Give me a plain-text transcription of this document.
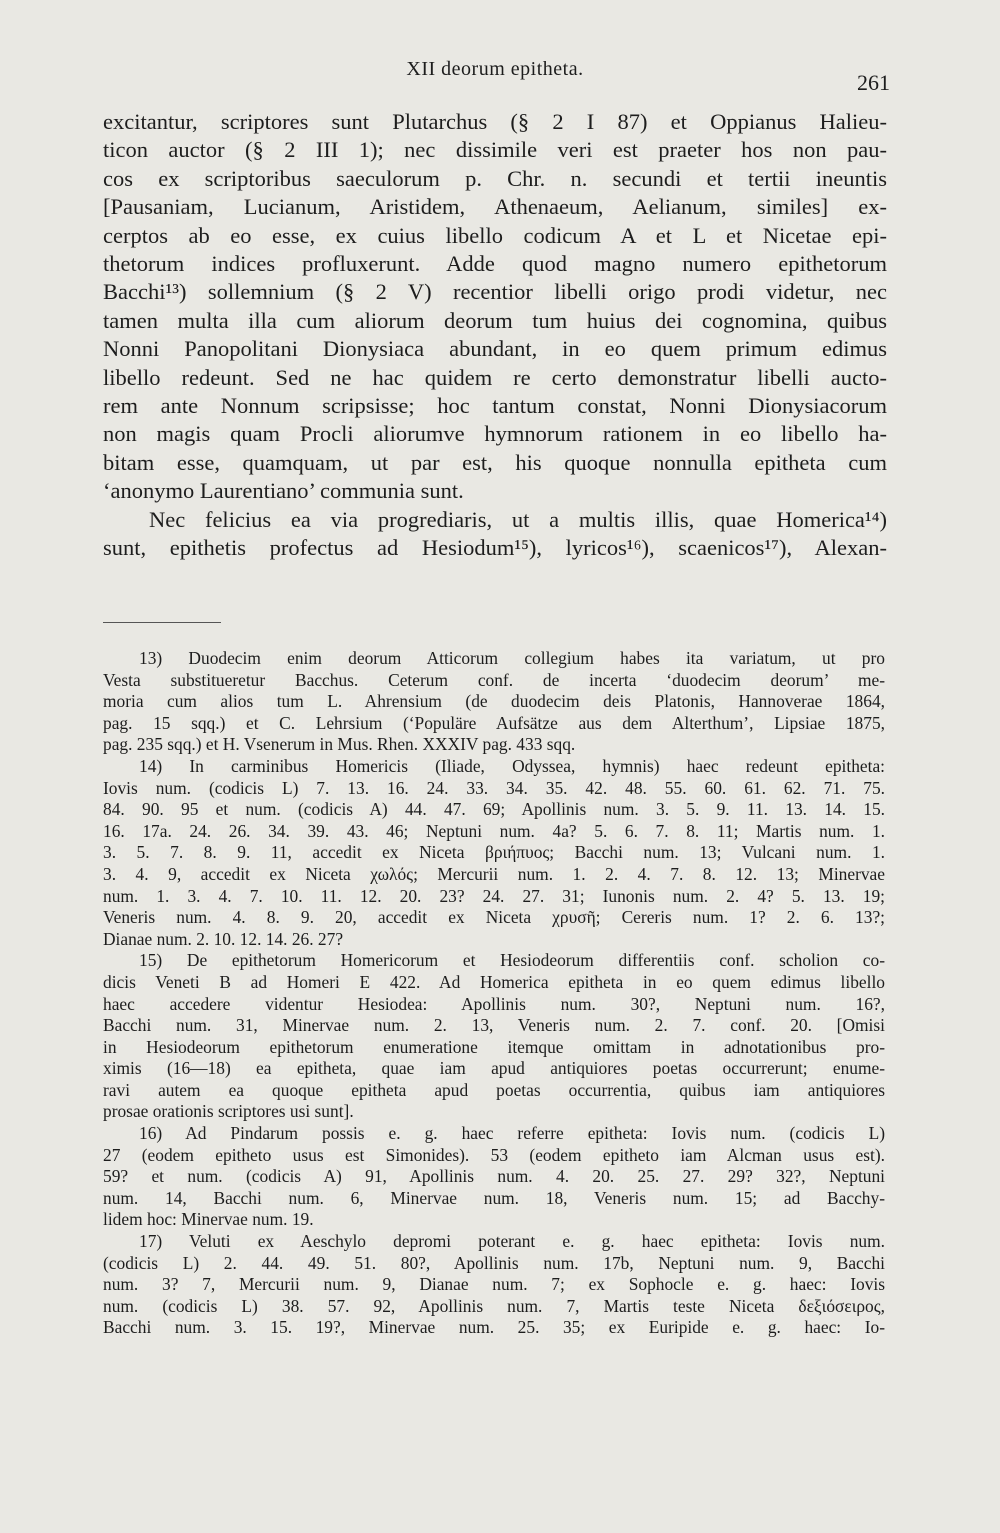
XII deorum epitheta.
261
excitantur, scriptores sunt Plutarchus (§ 2 I 87) et Oppianus Halieu-
ticon auctor (§ 2 III 1); nec dissimile veri est praeter hos non pau-
cos ex scriptoribus saeculorum p. Chr. n. secundi et tertii ineuntis
[Pausaniam, Lucianum, Aristidem, Athenaeum, Aelianum, similes] ex-
cerptos ab eo esse, ex cuius libello codicum A et L et Nicetae epi-
thetorum indices profluxerunt. Adde quod magno numero epithetorum
Bacchi¹³) sollemnium (§ 2 V) recentior libelli origo prodi videtur, nec
tamen multa illa cum aliorum deorum tum huius dei cognomina, quibus
Nonni Panopolitani Dionysiaca abundant, in eo quem primum edimus
libello redeunt. Sed ne hac quidem re certo demonstratur libelli aucto-
rem ante Nonnum scripsisse; hoc tantum constat, Nonni Dionysiacorum
non magis quam Procli aliorumve hymnorum rationem in eo libello ha-
bitam esse, quamquam, ut par est, his quoque nonnulla epitheta cum
‘anonymo Laurentiano’ communia sunt.
Nec felicius ea via progrediaris, ut a multis illis, quae Homerica¹⁴)
sunt, epithetis profectus ad Hesiodum¹⁵), lyricos¹⁶), scaenicos¹⁷), Alexan-
13) Duodecim enim deorum Atticorum collegium habes ita variatum, ut pro
Vesta substitueretur Bacchus. Ceterum conf. de incerta ‘duodecim deorum’ me-
moria cum alios tum L. Ahrensium (de duodecim deis Platonis, Hannoverae 1864,
pag. 15 sqq.) et C. Lehrsium (‘Populäre Aufsätze aus dem Alterthum’, Lipsiae 1875,
pag. 235 sqq.) et H. Vsenerum in Mus. Rhen. XXXIV pag. 433 sqq.
14) In carminibus Homericis (Iliade, Odyssea, hymnis) haec redeunt epitheta:
Iovis num. (codicis L) 7. 13. 16. 24. 33. 34. 35. 42. 48. 55. 60. 61. 62. 71. 75.
84. 90. 95 et num. (codicis A) 44. 47. 69; Apollinis num. 3. 5. 9. 11. 13. 14. 15.
16. 17a. 24. 26. 34. 39. 43. 46; Neptuni num. 4a? 5. 6. 7. 8. 11; Martis num. 1.
3. 5. 7. 8. 9. 11, accedit ex Niceta βριήπυος; Bacchi num. 13; Vulcani num. 1.
3. 4. 9, accedit ex Niceta χωλός; Mercurii num. 1. 2. 4. 7. 8. 12. 13; Minervae
num. 1. 3. 4. 7. 10. 11. 12. 20. 23? 24. 27. 31; Iunonis num. 2. 4? 5. 13. 19;
Veneris num. 4. 8. 9. 20, accedit ex Niceta χρυσῆ; Cereris num. 1? 2. 6. 13?;
Dianae num. 2. 10. 12. 14. 26. 27?
15) De epithetorum Homericorum et Hesiodeorum differentiis conf. scholion co-
dicis Veneti B ad Homeri E 422. Ad Homerica epitheta in eo quem edimus libello
haec accedere videntur Hesiodea: Apollinis num. 30?, Neptuni num. 16?,
Bacchi num. 31, Minervae num. 2. 13, Veneris num. 2. 7. conf. 20. [Omisi
in Hesiodeorum epithetorum enumeratione itemque omittam in adnotationibus pro-
ximis (16—18) ea epitheta, quae iam apud antiquiores poetas occurrerunt; enume-
ravi autem ea quoque epitheta apud poetas occurrentia, quibus iam antiquiores
prosae orationis scriptores usi sunt].
16) Ad Pindarum possis e. g. haec referre epitheta: Iovis num. (codicis L)
27 (eodem epitheto usus est Simonides). 53 (eodem epitheto iam Alcman usus est).
59? et num. (codicis A) 91, Apollinis num. 4. 20. 25. 27. 29? 32?, Neptuni
num. 14, Bacchi num. 6, Minervae num. 18, Veneris num. 15; ad Bacchy-
lidem hoc: Minervae num. 19.
17) Veluti ex Aeschylo depromi poterant e. g. haec epitheta: Iovis num.
(codicis L) 2. 44. 49. 51. 80?, Apollinis num. 17b, Neptuni num. 9, Bacchi
num. 3? 7, Mercurii num. 9, Dianae num. 7; ex Sophocle e. g. haec: Iovis
num. (codicis L) 38. 57. 92, Apollinis num. 7, Martis teste Niceta δεξιόσειρος,
Bacchi num. 3. 15. 19?, Minervae num. 25. 35; ex Euripide e. g. haec: Io-
